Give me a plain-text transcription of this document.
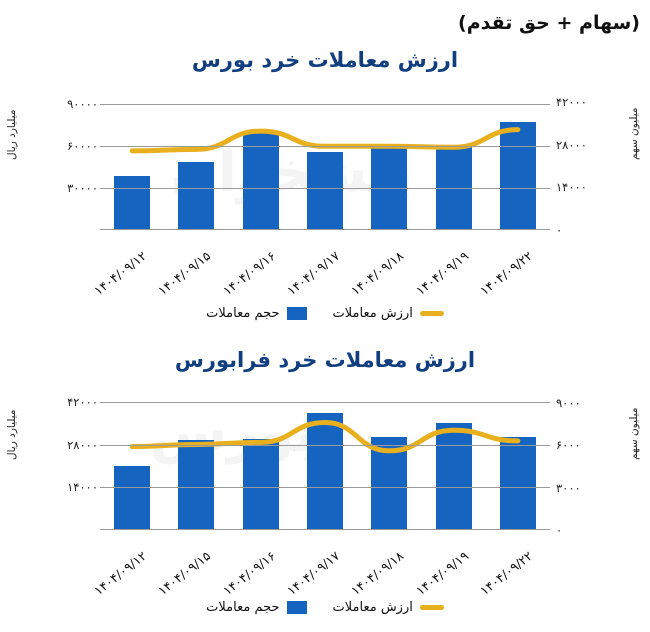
(سهام + حق تقدم)
ارزش معاملات خرد بورس
میلیارد ریال	میلیون سهم
۳۰۰۰۰
۶۰۰۰۰
۹۰۰۰۰
۰
۱۴۰۰۰
۲۸۰۰۰
۴۲۰۰۰
۱۴۰۴/۰۹/۱۲ ۱۴۰۴/۰۹/۱۵ ۱۴۰۴/۰۹/۱۶ ۱۴۰۴/۰۹/۱۷ ۱۴۰۴/۰۹/۱۸ ۱۴۰۴/۰۹/۱۹ ۱۴۰۴/۰۹/۲۲
حجم معاملات	ارزش معاملات
ارزش معاملات خرد فرابورس
میلیارد ریال	میلیون سهم
۱۴۰۰۰
۲۸۰۰۰
۴۲۰۰۰
۰
۳۰۰۰
۶۰۰۰
۹۰۰۰
۱۴۰۴/۰۹/۱۲ ۱۴۰۴/۰۹/۱۵ ۱۴۰۴/۰۹/۱۶ ۱۴۰۴/۰۹/۱۷ ۱۴۰۴/۰۹/۱۸ ۱۴۰۴/۰۹/۱۹ ۱۴۰۴/۰۹/۲۲
حجم معاملات	ارزش معاملات
